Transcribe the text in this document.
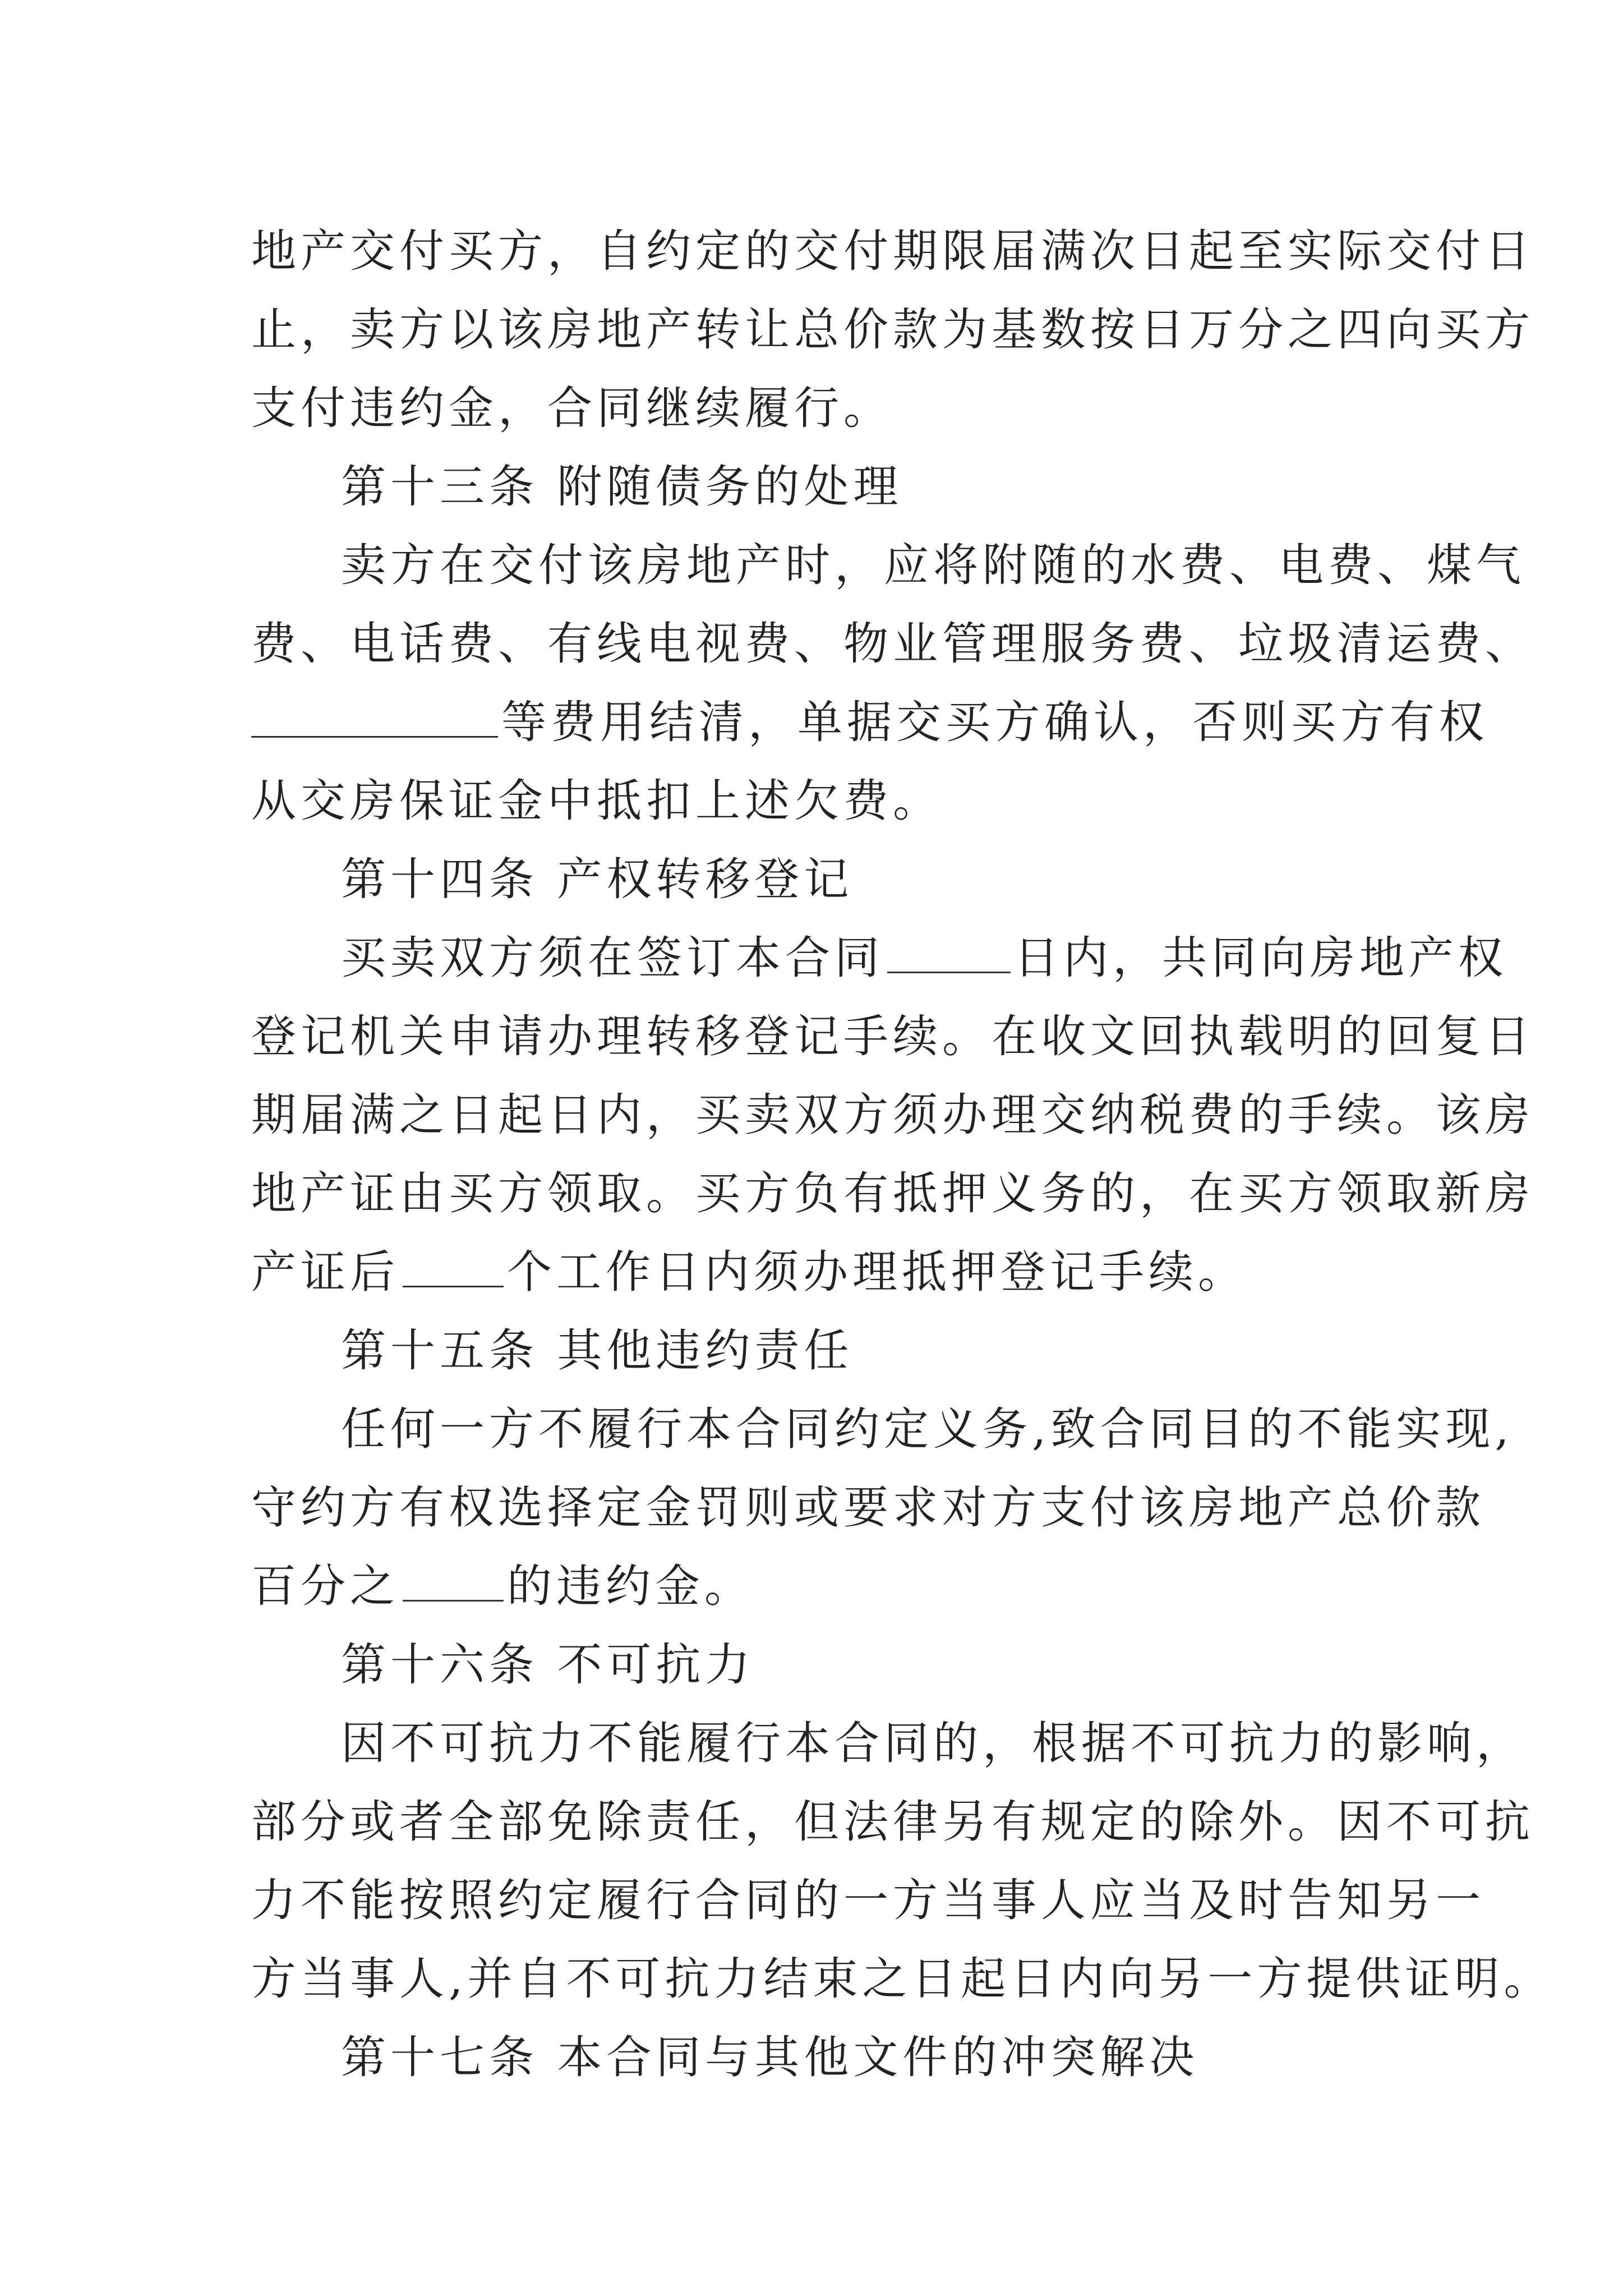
地产交付买方，自约定的交付期限届满次日起至实际交付日
止，卖方以该房地产转让总价款为基数按日万分之四向买方
支付违约金，合同继续履行。
第十三条 附随债务的处理
卖方在交付该房地产时，应将附随的水费、电费、煤气
费、电话费、有线电视费、物业管理服务费、垃圾清运费、
等费用结清，单据交买方确认，否则买方有权
从交房保证金中抵扣上述欠费。
第十四条 产权转移登记
买卖双方须在签订本合同	日内，共同向房地产权
登记机关申请办理转移登记手续。在收文回执载明的回复日
期届满之日起日内，买卖双方须办理交纳税费的手续。该房
地产证由买方领取。买方负有抵押义务的，在买方领取新房
产证后 个工作日内须办理抵押登记手续。
第十五条 其他违约责任
任何一方不履行本合同约定义务,致合同目的不能实现,
守约方有权选择定金罚则或要求对方支付该房地产总价款
百分之 的违约金。
第十六条 不可抗力
因不可抗力不能履行本合同的，根据不可抗力的影响，
部分或者全部免除责任，但法律另有规定的除外。因不可抗
力不能按照约定履行合同的一方当事人应当及时告知另一
方当事人,并自不可抗力结束之日起日内向另一方提供证明。
第十七条 本合同与其他文件的冲突解决
